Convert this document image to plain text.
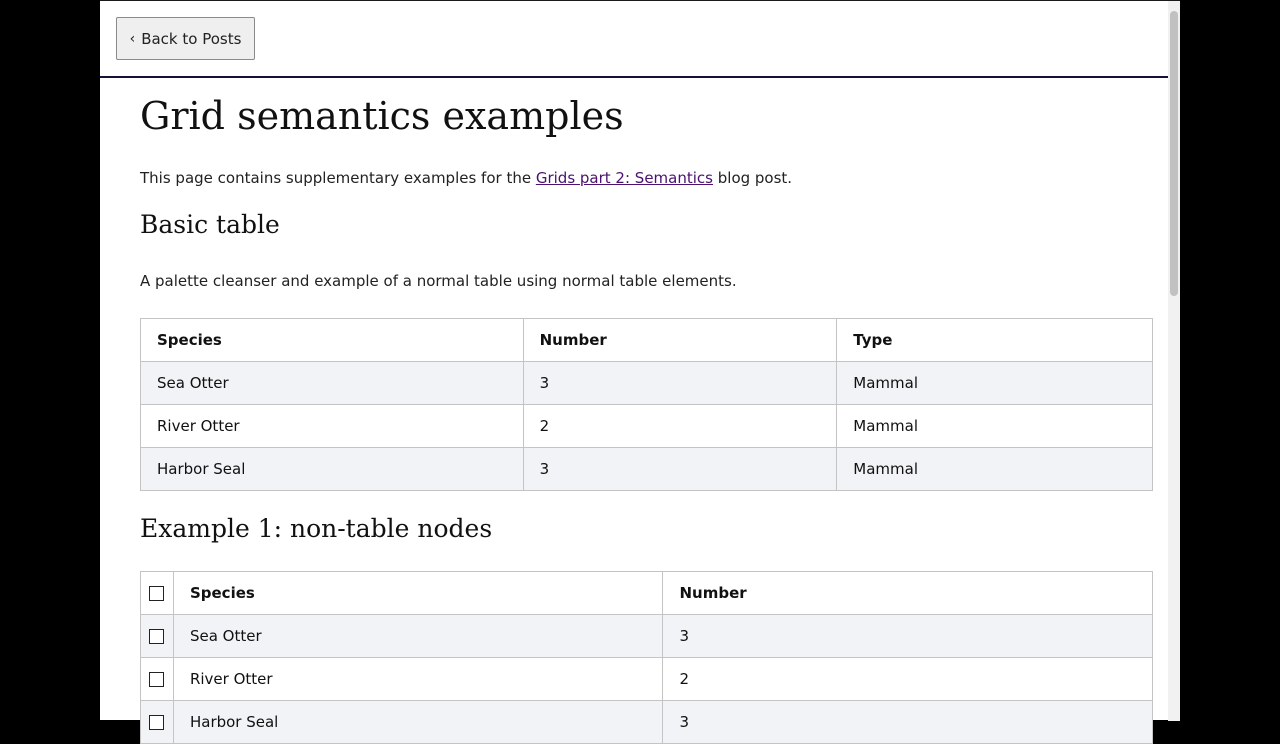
‹ Back to Posts
Grid semantics examples

This page contains supplementary examples for the Grids part 2: Semantics blog post.

Basic table

A palette cleanser and example of a normal table using normal table elements.

Species	Number	Type
Sea Otter	3	Mammal
River Otter	2	Mammal
Harbor Seal	3	Mammal
Example 1: non-table nodes
	Species	Number
	Sea Otter	3
	River Otter	2
	Harbor Seal	3
